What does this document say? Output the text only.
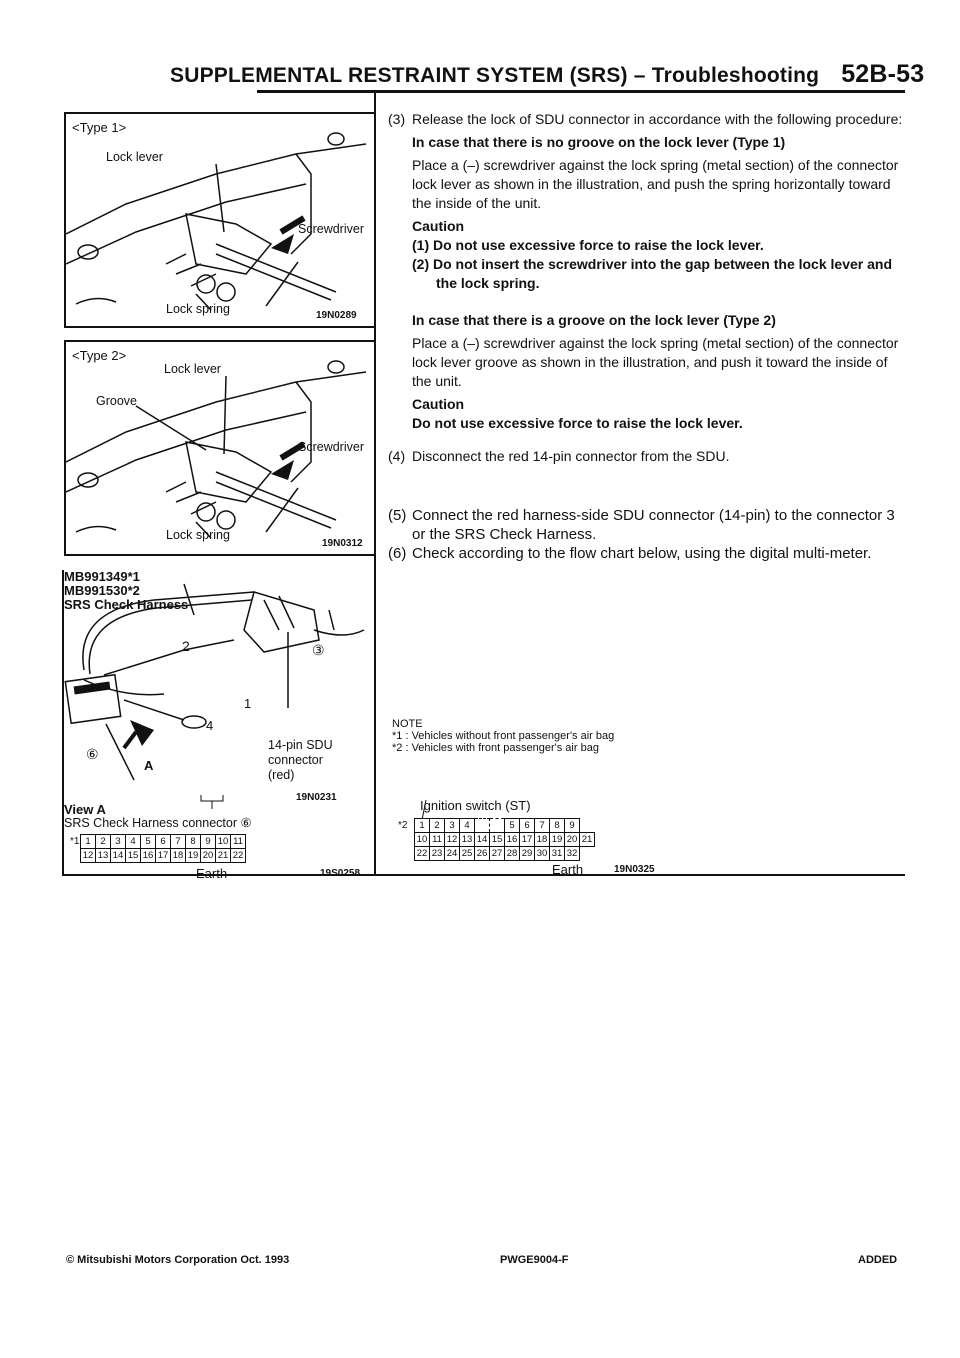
SUPPLEMENTAL RESTRAINT SYSTEM (SRS) – Troubleshooting 52B-53
<Type 1>
Lock lever
Screwdriver
Lock spring	19N0289
<Type 2>
Lock lever
Groove
Screwdriver
Lock spring
19N0312
MB991349*1
MB991530*2
SRS Check Harness

2	③
1
4
⑥
A
14-pin SDU
connector
(red)
19N0231
View A
SRS Check Harness connector ⑥
*1 1	2	3	4	5	6	7	8	9	10	11
12	13	14	15	16	17	18	19	20	21	22
Earth	19S0258
(3) Release the lock of SDU connector in accordance with the following procedure:

In case that there is no groove on the lock lever (Type 1)

Place a (–) screwdriver against the lock spring (metal section) of the connector lock lever as shown in the illustration, and push the spring horizontally toward the inside of the unit.

Caution

(1) Do not use excessive force to raise the lock lever.

(2) Do not insert the screwdriver into the gap between the lock lever and the lock spring.

In case that there is a groove on the lock lever (Type 2)

Place a (–) screwdriver against the lock spring (metal section) of the connector lock lever groove as shown in the illustration, and push it toward the inside of the unit.

Caution

Do not use excessive force to raise the lock lever.

(4) Disconnect the red 14-pin connector from the SDU.
(5) Connect the red harness-side SDU connector (14-pin) to the connector 3 or the SRS Check Harness.
(6) Check according to the flow chart below, using the digital multi-meter.
NOTE
*1 : Vehicles without front passenger's air bag
*2 : Vehicles with front passenger's air bag
Ignition switch (ST)
*2 1	2	3	4			5	6	7	8	9	
10	11	12	13	14	15	16	17	18	19	20	21
22	23	24	25	26	27	28	29	30	31	32	
Earth	19N0325
© Mitsubishi Motors Corporation Oct. 1993	PWGE9004-F	ADDED
